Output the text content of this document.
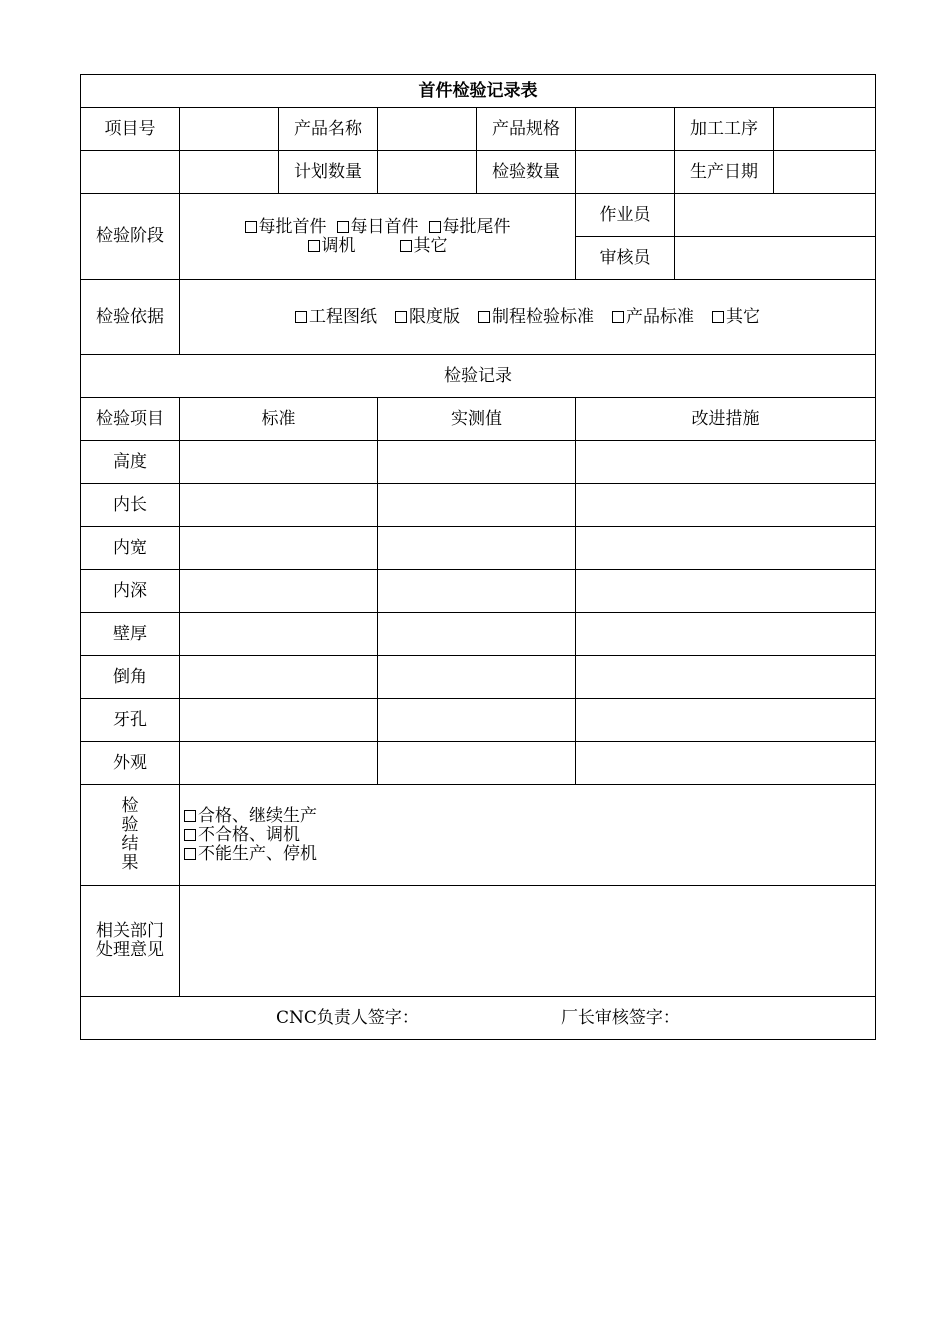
首件检验记录表							
项目号		产品名称		产品规格		加工工序	
		计划数量		检验数量		生产日期	
检验阶段	每批首件 每日首件 每批尾件
调机 其它				作业员		
					审核员		
检验依据	工程图纸 限度版 制程检验标准 产品标准 其它						
检验记录							
检验项目	标准		实测值		改进措施		
高度							
内长							
内宽							
内深							
壁厚							
倒角							
牙孔							
外观							

检
验
结
果	合格、继续生产
不合格、调机
不能生产、停机						

相关部门
处理意见							

CNC负责人签字： 厂长审核签字：							
